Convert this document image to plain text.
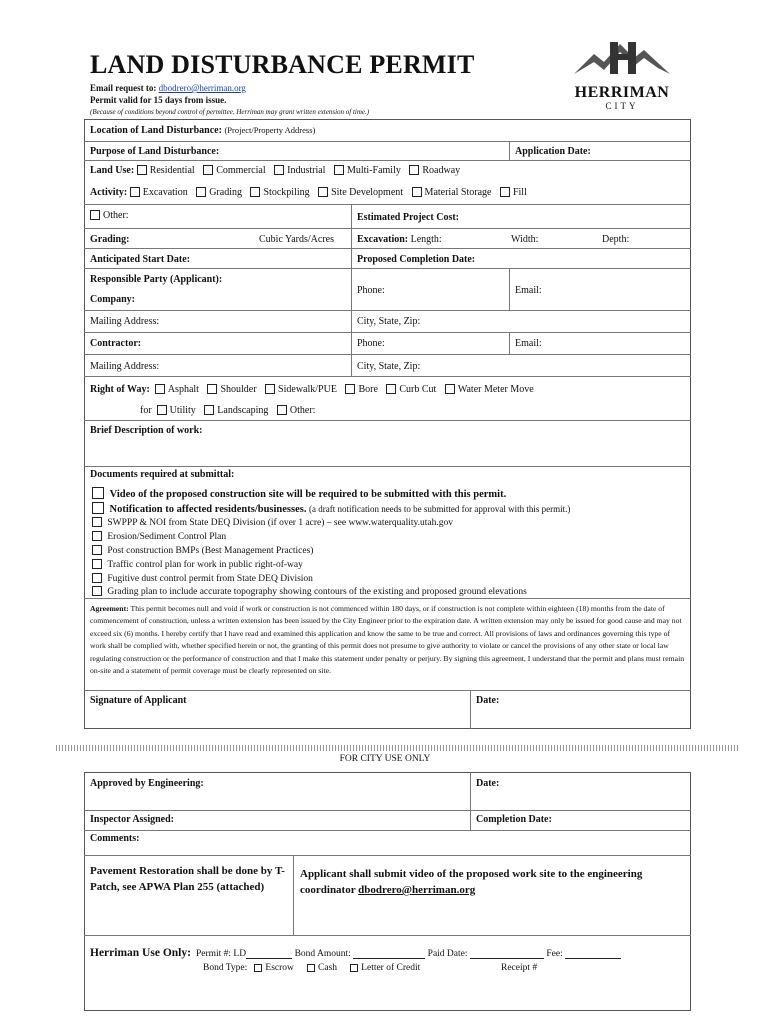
LAND DISTURBANCE PERMIT
Email request to: dbodrero@herriman.org
Permit valid for 15 days from issue.
(Because of conditions beyond control of permittee, Herriman may grant written extension of time.)
HERRIMAN
CITY
Location of Land Disturbance: (Project/Property Address)
Purpose of Land Disturbance:	Application Date:
Land Use: Residential Commercial Industrial Multi-Family Roadway
Activity: Excavation Grading Stockpiling Site Development Material Storage Fill
Other:	Estimated Project Cost:
Grading:	Cubic Yards/Acres Excavation: Length:	Width:	Depth:
Anticipated Start Date:	Proposed Completion Date:
Responsible Party (Applicant):
Company:
Phone:	Email:
Mailing Address:	City, State, Zip:
Contractor:	Phone:	Email:
Mailing Address:	City, State, Zip:
Right of Way: Asphalt Shoulder Sidewalk/PUE Bore Curb Cut Water Meter Move
for Utility Landscaping Other:
Brief Description of work:
Documents required at submittal:
Video of the proposed construction site will be required to be submitted with this permit.
Notification to affected residents/businesses. (a draft notification needs to be submitted for approval with this permit.)
SWPPP & NOI from State DEQ Division (if over 1 acre) – see www.waterquality.utah.gov
Erosion/Sediment Control Plan
Post construction BMPs (Best Management Practices)
Traffic control plan for work in public right-of-way
Fugitive dust control permit from State DEQ Division
Grading plan to include accurate topography showing contours of the existing and proposed ground elevations
Agreement: This permit becomes null and void if work or construction is not commenced within 180 days, or if construction is not complete within eighteen (18) months from the date of commencement of construction, unless a written extension has been issued by the City Engineer prior to the expiration date. A written extension may only be issued for good cause and may not exceed six (6) months. I hereby certify that I have read and examined this application and know the same to be true and correct. All provisions of laws and ordinances governing this type of work shall be complied with, whether specified herein or not, the granting of this permit does not presume to give authority to violate or cancel the provisions of any other state or local law regulating construction or the performance of construction and that I make this statement under penalty or perjury. By signing this agreement, I understand that the permit and plans must remain on-site and a statement of permit coverage must be clearly represented on site.
Signature of Applicant	Date:
FOR CITY USE ONLY
Approved by Engineering:	Date:
Inspector Assigned:	Completion Date:
Comments:
Pavement Restoration shall be done by T-Patch, see APWA Plan 255 (attached)
Applicant shall submit video of the proposed work site to the engineering coordinator dbodrero@herriman.org
Herriman Use Only: Permit #: LD	Bond Amount:	Paid Date:	Fee:
Bond Type: Escrow	Cash	Letter of Credit	Receipt #
